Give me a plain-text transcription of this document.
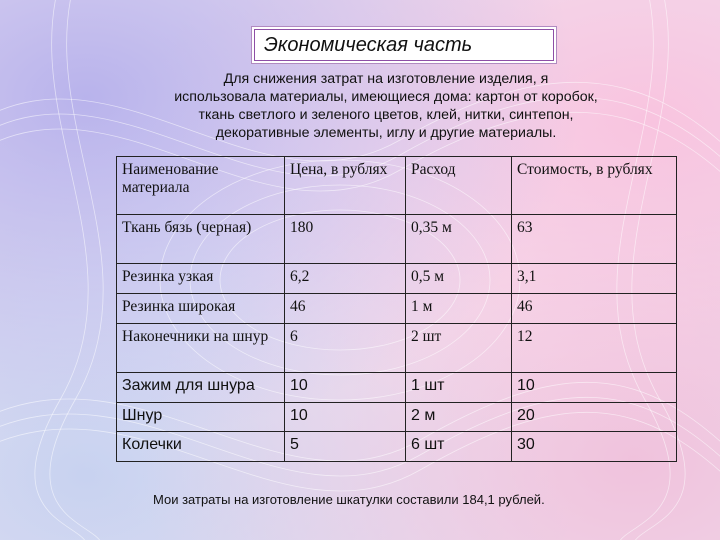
Экономическая часть
Для снижения затрат на изготовление изделия, я
использовала материалы, имеющиеся дома: картон от коробок,
ткань светлого и зеленого цветов, клей, нитки, синтепон,
декоративные элементы, иглу и другие материалы.
Наименование материала	Цена, в рублях	Расход	Стоимость, в рублях
Ткань бязь (черная)	180	0,35 м	63
Резинка узкая	6,2	0,5 м	3,1
Резинка широкая	46	1 м	46
Наконечники на шнур	6	2 шт	12
Зажим для шнура	10	1 шт	10
Шнур	10	2 м	20
Колечки	5	6 шт	30
Мои затраты на изготовление шкатулки составили 184,1 рублей.
